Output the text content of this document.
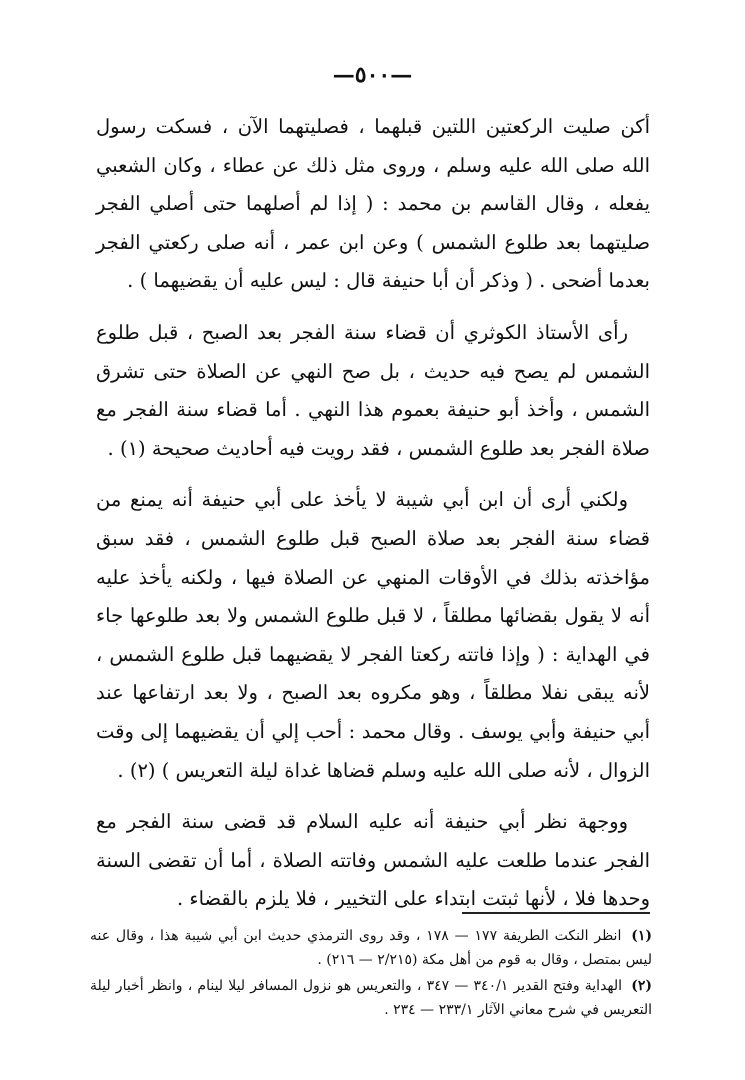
—٥٠٠—

أكن صليت الركعتين اللتين قبلهما ، فصليتهما الآن ، فسكت رسول الله صلى الله عليه وسلم ، وروى مثل ذلك عن عطاء ، وكان الشعبي يفعله ، وقال القاسم بن محمد : ( إذا لم أصلهما حتى أصلي الفجر صليتهما بعد طلوع الشمس ) وعن ابن عمر ، أنه صلى ركعتي الفجر بعدما أضحى . ( وذكر أن أبا حنيفة قال : ليس عليه أن يقضيهما ) .

رأى الأستاذ الكوثري أن قضاء سنة الفجر بعد الصبح ، قبل طلوع الشمس لم يصح فيه حديث ، بل صح النهي عن الصلاة حتى تشرق الشمس ، وأخذ أبو حنيفة بعموم هذا النهي . أما قضاء سنة الفجر مع صلاة الفجر بعد طلوع الشمس ، فقد رويت فيه أحاديث صحيحة (١) .

ولكني أرى أن ابن أبي شيبة لا يأخذ على أبي حنيفة أنه يمنع من قضاء سنة الفجر بعد صلاة الصبح قبل طلوع الشمس ، فقد سبق مؤاخذته بذلك في الأوقات المنهي عن الصلاة فيها ، ولكنه يأخذ عليه أنه لا يقول بقضائها مطلقاً ، لا قبل طلوع الشمس ولا بعد طلوعها جاء في الهداية : ( وإذا فاتته ركعتا الفجر لا يقضيهما قبل طلوع الشمس ، لأنه يبقى نفلا مطلقاً ، وهو مكروه بعد الصبح ، ولا بعد ارتفاعها عند أبي حنيفة وأبي يوسف . وقال محمد : أحب إلي أن يقضيهما إلى وقت الزوال ، لأنه صلى الله عليه وسلم قضاها غداة ليلة التعريس ) (٢) .

ووجهة نظر أبي حنيفة أنه عليه السلام قد قضى سنة الفجر مع الفجر عندما طلعت عليه الشمس وفاتته الصلاة ، أما أن تقضى السنة وحدها فلا ، لأنها ثبتت ابتداء على التخيير ، فلا يلزم بالقضاء .

(١) انظر النكت الطريفة ١٧٧ — ١٧٨ ، وقد روى الترمذي حديث ابن أبي شيبة هذا ، وقال عنه ليس بمتصل ، وقال به قوم من أهل مكة (٢/٢١٥ — ٢١٦) .

(٢) الهداية وفتح القدير ٣٤٠/١ — ٣٤٧ ، والتعريس هو نزول المسافر ليلا لينام ، وانظر أخبار ليلة التعريس في شرح معاني الآثار ٢٣٣/١ — ٢٣٤ .
